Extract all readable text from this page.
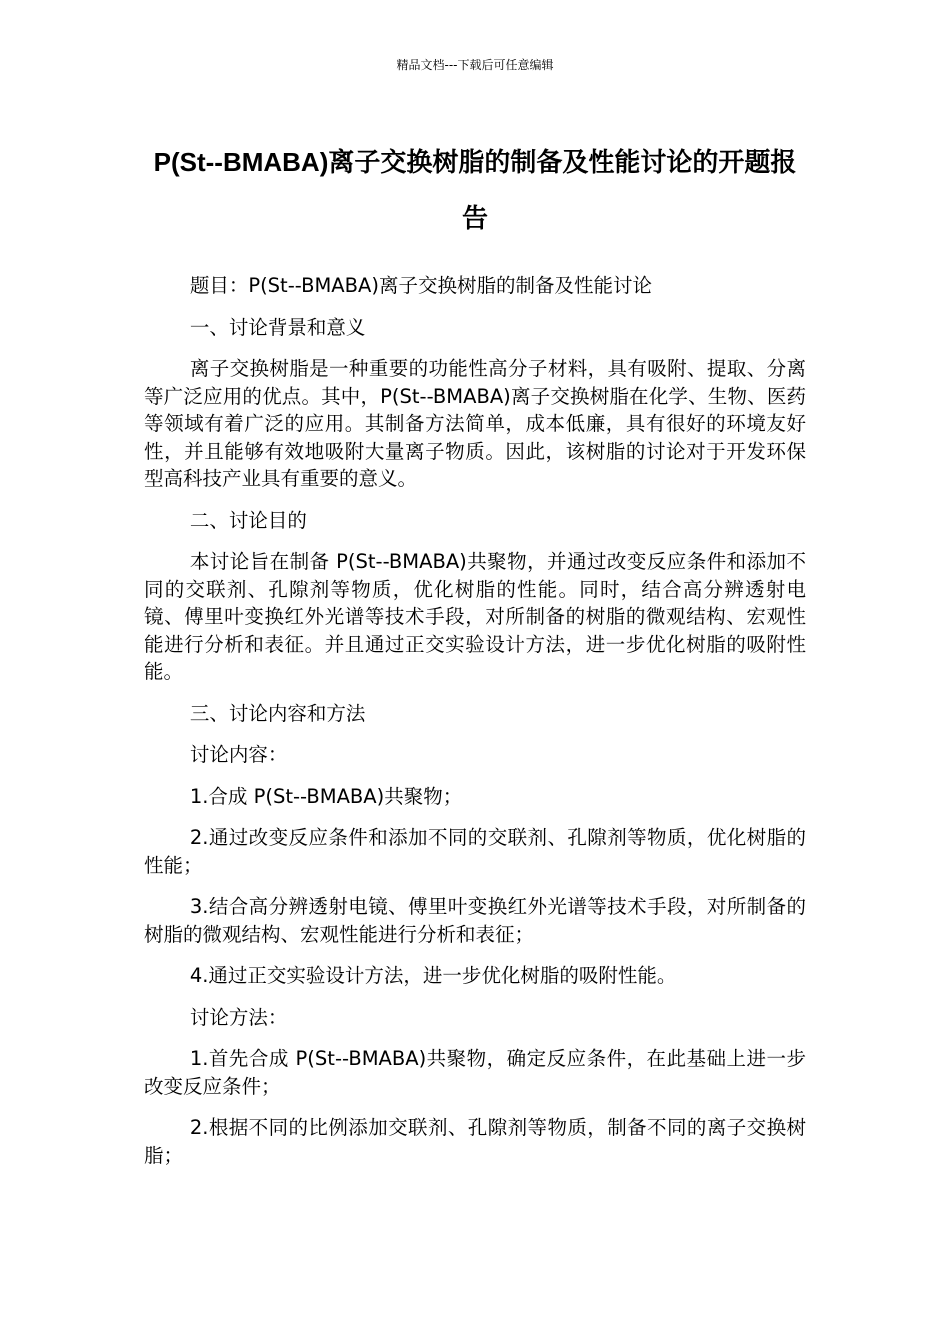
精品文档---下载后可任意编辑
P(St--BMABA)离子交换树脂的制备及性能讨论的开题报告

题目：P(St--BMABA)离子交换树脂的制备及性能讨论

一、讨论背景和意义

离子交换树脂是一种重要的功能性高分子材料，具有吸附、提取、分离等广泛应用的优点。其中，P(St--BMABA)离子交换树脂在化学、生物、医药等领域有着广泛的应用。其制备方法简单，成本低廉，具有很好的环境友好性，并且能够有效地吸附大量离子物质。因此，该树脂的讨论对于开发环保型高科技产业具有重要的意义。

二、讨论目的

本讨论旨在制备 P(St--BMABA)共聚物，并通过改变反应条件和添加不同的交联剂、孔隙剂等物质，优化树脂的性能。同时，结合高分辨透射电镜、傅里叶变换红外光谱等技术手段，对所制备的树脂的微观结构、宏观性能进行分析和表征。并且通过正交实验设计方法，进一步优化树脂的吸附性能。

三、讨论内容和方法

讨论内容：

1.合成 P(St--BMABA)共聚物；

2.通过改变反应条件和添加不同的交联剂、孔隙剂等物质，优化树脂的性能；

3.结合高分辨透射电镜、傅里叶变换红外光谱等技术手段，对所制备的树脂的微观结构、宏观性能进行分析和表征；

4.通过正交实验设计方法，进一步优化树脂的吸附性能。

讨论方法：

1.首先合成 P(St--BMABA)共聚物，确定反应条件，在此基础上进一步改变反应条件；

2.根据不同的比例添加交联剂、孔隙剂等物质，制备不同的离子交换树脂；
